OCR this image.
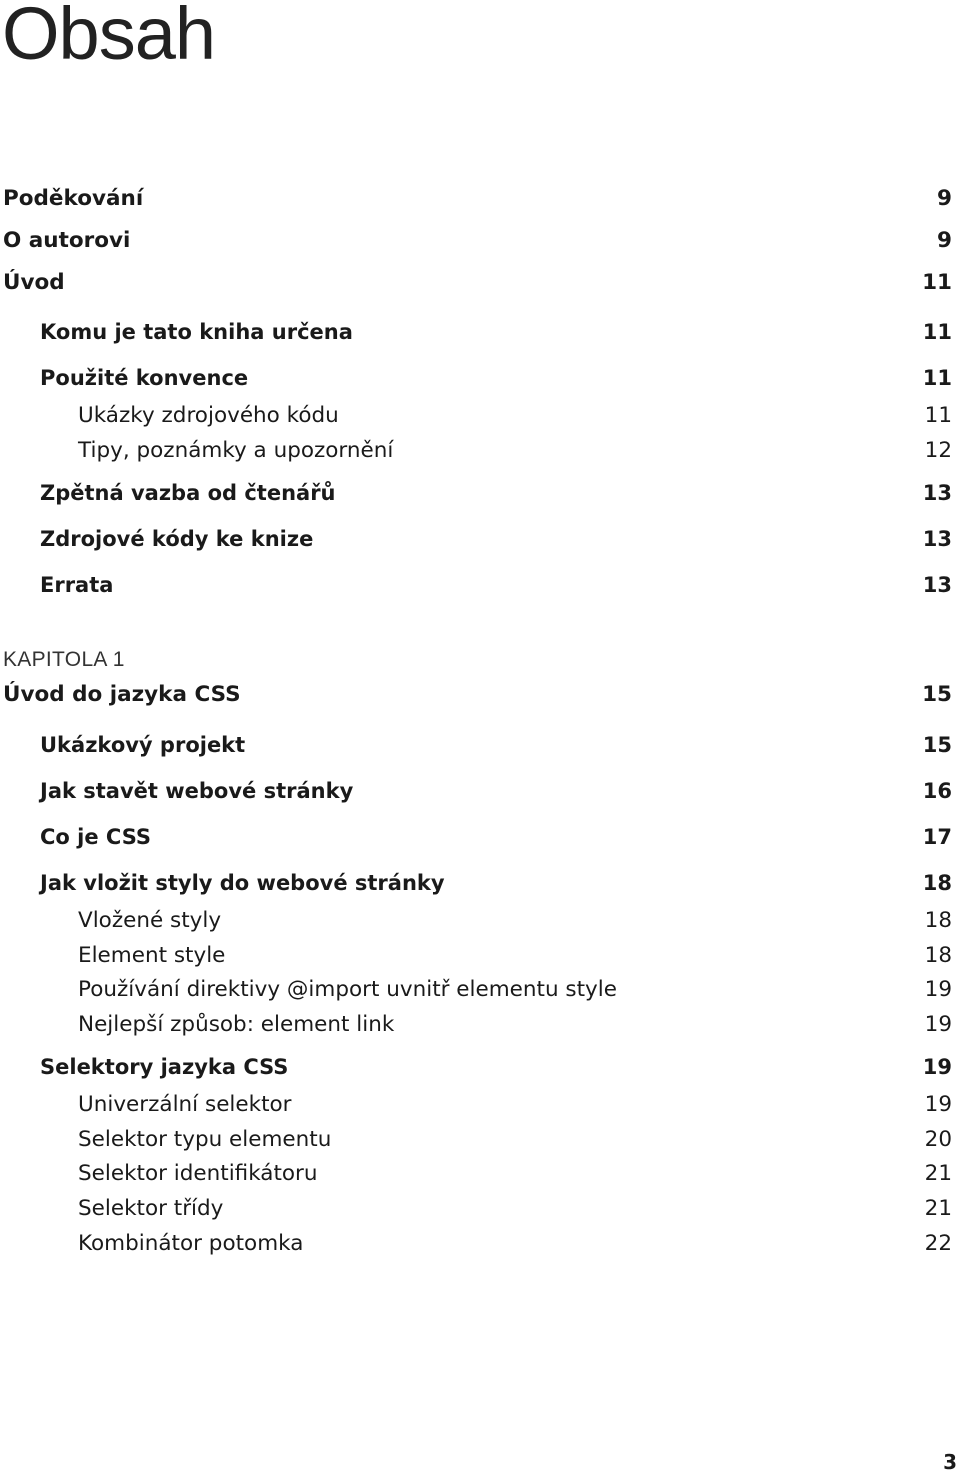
Obsah
Poděkování	9
O autorovi	9
Úvod	11
Komu je tato kniha určena	11
Použité konvence	11
Ukázky zdrojového kódu	11
Tipy, poznámky a upozornění	12
Zpětná vazba od čtenářů	13
Zdrojové kódy ke knize	13
Errata	13
KAPITOLA 1
Úvod do jazyka CSS	15
Ukázkový projekt	15
Jak stavět webové stránky	16
Co je CSS	17
Jak vložit styly do webové stránky	18
Vložené styly	18
Element style	18
Používání direktivy @import uvnitř elementu style	19
Nejlepší způsob: element link	19
Selektory jazyka CSS	19
Univerzální selektor	19
Selektor typu elementu	20
Selektor identifikátoru	21
Selektor třídy	21
Kombinátor potomka	22
3
